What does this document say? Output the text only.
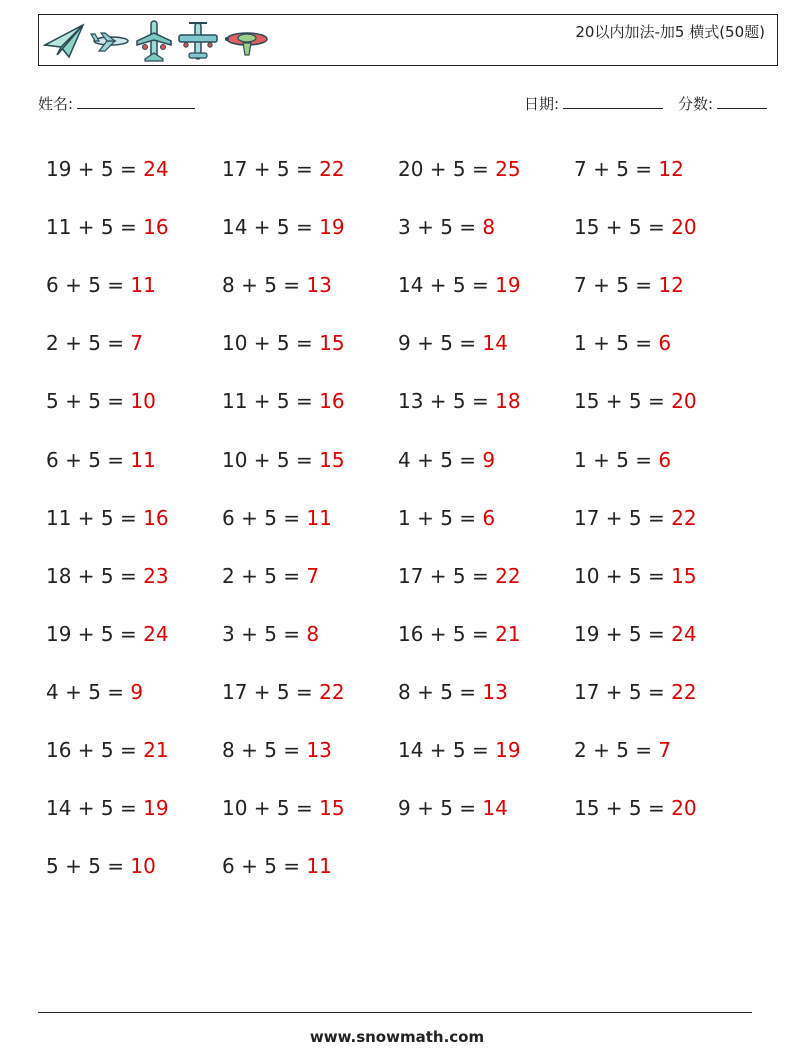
20以内加法-加5 横式(50题)
姓名:	日期:	分数:
19 + 5 = 24	17 + 5 = 22	20 + 5 = 25	7 + 5 = 12
11 + 5 = 16	14 + 5 = 19	3 + 5 = 8	15 + 5 = 20
6 + 5 = 11	8 + 5 = 13	14 + 5 = 19	7 + 5 = 12
2 + 5 = 7	10 + 5 = 15	9 + 5 = 14	1 + 5 = 6
5 + 5 = 10	11 + 5 = 16	13 + 5 = 18	15 + 5 = 20
6 + 5 = 11	10 + 5 = 15	4 + 5 = 9	1 + 5 = 6
11 + 5 = 16	6 + 5 = 11	1 + 5 = 6	17 + 5 = 22
18 + 5 = 23	2 + 5 = 7	17 + 5 = 22	10 + 5 = 15
19 + 5 = 24	3 + 5 = 8	16 + 5 = 21	19 + 5 = 24
4 + 5 = 9	17 + 5 = 22	8 + 5 = 13	17 + 5 = 22
16 + 5 = 21	8 + 5 = 13	14 + 5 = 19	2 + 5 = 7
14 + 5 = 19	10 + 5 = 15	9 + 5 = 14	15 + 5 = 20
5 + 5 = 10	6 + 5 = 11
www.snowmath.com
